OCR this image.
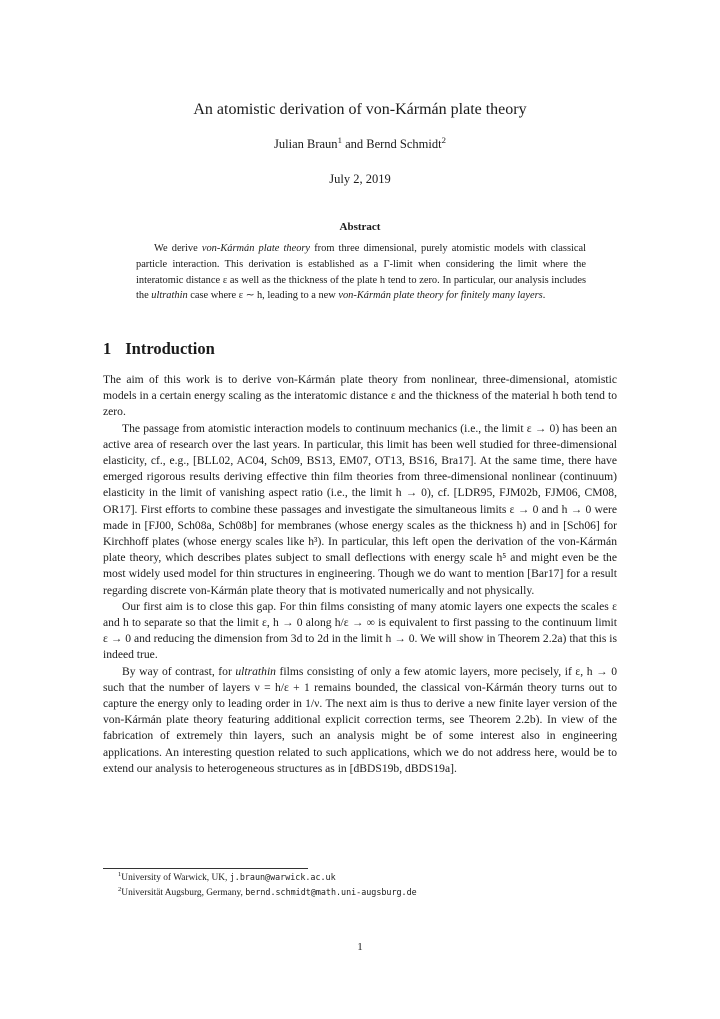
An atomistic derivation of von-Kármán plate theory
Julian Braun$^1$ and Bernd Schmidt$^2$
July 2, 2019
Abstract
We derive von-Kármán plate theory from three dimensional, purely atomistic models with classical particle interaction. This derivation is established as a Γ-limit when considering the limit where the interatomic distance ε as well as the thickness of the plate h tend to zero. In particular, our analysis includes the ultrathin case where ε ∼ h, leading to a new von-Kármán plate theory for finitely many layers.
1 Introduction

The aim of this work is to derive von-Kármán plate theory from nonlinear, three-dimensional, atomistic models in a certain energy scaling as the interatomic distance ε and the thickness of the material h both tend to zero.

The passage from atomistic interaction models to continuum mechanics (i.e., the limit ε → 0) has been an active area of research over the last years. In particular, this limit has been well studied for three-dimensional elasticity, cf., e.g., [BLL02, AC04, Sch09, BS13, EM07, OT13, BS16, Bra17]. At the same time, there have emerged rigorous results deriving effective thin film theories from three-dimensional nonlinear (continuum) elasticity in the limit of vanishing aspect ratio (i.e., the limit h → 0), cf. [LDR95, FJM02b, FJM06, CM08, OR17]. First efforts to combine these passages and investigate the simultaneous limits ε → 0 and h → 0 were made in [FJ00, Sch08a, Sch08b] for membranes (whose energy scales as the thickness h) and in [Sch06] for Kirchhoff plates (whose energy scales like h³). In particular, this left open the derivation of the von-Kármán plate theory, which describes plates subject to small deflections with energy scale h⁵ and might even be the most widely used model for thin structures in engineering. Though we do want to mention [Bar17] for a result regarding discrete von-Kármán plate theory that is motivated numerically and not physically.

Our first aim is to close this gap. For thin films consisting of many atomic layers one expects the scales ε and h to separate so that the limit ε, h → 0 along h/ε → ∞ is equivalent to first passing to the continuum limit ε → 0 and reducing the dimension from 3d to 2d in the limit h → 0. We will show in Theorem 2.2a) that this is indeed true.

By way of contrast, for ultrathin films consisting of only a few atomic layers, more pecisely, if ε, h → 0 such that the number of layers ν = h/ε + 1 remains bounded, the classical von-Kármán theory turns out to capture the energy only to leading order in 1/ν. The next aim is thus to derive a new finite layer version of the von-Kármán plate theory featuring additional explicit correction terms, see Theorem 2.2b). In view of the fabrication of extremely thin layers, such an analysis might be of some interest also in engineering applications. An interesting question related to such applications, which we do not address here, would be to extend our analysis to heterogeneous structures as in [dBDS19b, dBDS19a].

$^1$University of Warwick, UK, j.braun@warwick.ac.uk
$^2$Universität Augsburg, Germany, bernd.schmidt@math.uni-augsburg.de
1
